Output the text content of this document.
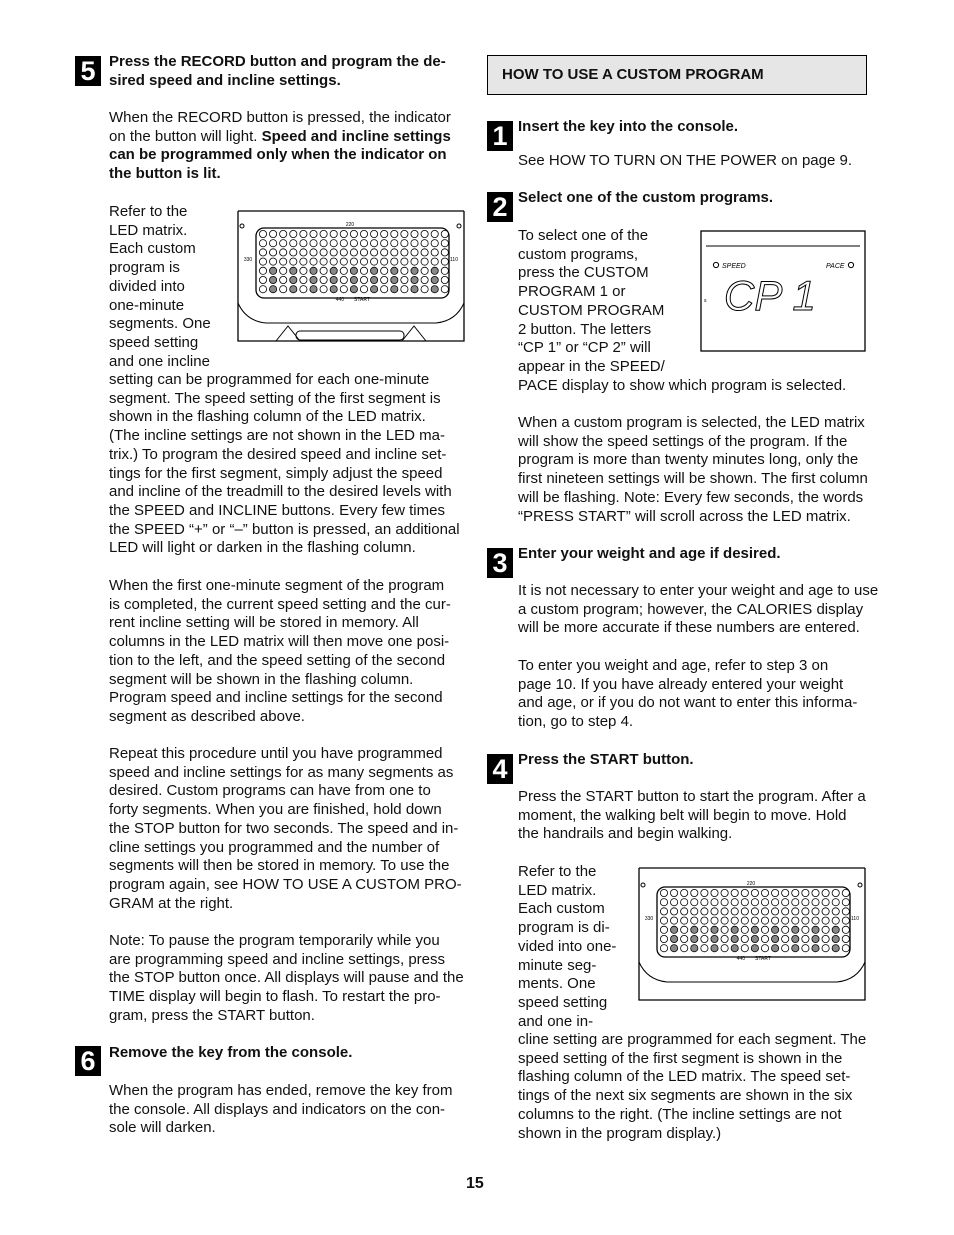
5 Press the RECORD button and program the de-
sired speed and incline settings.
When the RECORD button is pressed, the indicator
on the button will light. Speed and incline settings
can be programmed only when the indicator on
the button is lit.
Refer to the
LED matrix.
Each custom
program is
divided into
one-minute
segments. One
speed setting
and one incline
220
330	110
440 START
setting can be programmed for each one-minute
segment. The speed setting of the first segment is
shown in the flashing column of the LED matrix.
(The incline settings are not shown in the LED ma-
trix.) To program the desired speed and incline set-
tings for the first segment, simply adjust the speed
and incline of the treadmill to the desired levels with
the SPEED and INCLINE buttons. Every few times
the SPEED “+” or “–” button is pressed, an additional
LED will light or darken in the flashing column.
When the first one-minute segment of the program
is completed, the current speed setting and the cur-
rent incline setting will be stored in memory. All
columns in the LED matrix will then move one posi-
tion to the left, and the speed setting of the second
segment will be shown in the flashing column.
Program speed and incline settings for the second
segment as described above.
Repeat this procedure until you have programmed
speed and incline settings for as many segments as
desired. Custom programs can have from one to
forty segments. When you are finished, hold down
the STOP button for two seconds. The speed and in-
cline settings you programmed and the number of
segments will then be stored in memory. To use the
program again, see HOW TO USE A CUSTOM PRO-
GRAM at the right.
Note: To pause the program temporarily while you
are programming speed and incline settings, press
the STOP button once. All displays will pause and the
TIME display will begin to flash. To restart the pro-
gram, press the START button.
6 Remove the key from the console.
When the program has ended, remove the key from
the console. All displays and indicators on the con-
sole will darken.
HOW TO USE A CUSTOM PROGRAM
1 Insert the key into the console.
See HOW TO TURN ON THE POWER on page 9.
2 Select one of the custom programs.
To select one of the
custom programs,
press the CUSTOM
PROGRAM 1 or
CUSTOM PROGRAM
2 button. The letters
“CP 1” or “CP 2” will
appear in the SPEED/
PACE display to show which program is selected.
SPEED	PACE
s CP 1
When a custom program is selected, the LED matrix
will show the speed settings of the program. If the
program is more than twenty minutes long, only the
first nineteen settings will be shown. The first column
will be flashing. Note: Every few seconds, the words
“PRESS START” will scroll across the LED matrix.
3 Enter your weight and age if desired.
It is not necessary to enter your weight and age to use
a custom program; however, the CALORIES display
will be more accurate if these numbers are entered.
To enter you weight and age, refer to step 3 on
page 10. If you have already entered your weight
and age, or if you do not want to enter this informa-
tion, go to step 4.
4 Press the START button.
Press the START button to start the program. After a
moment, the walking belt will begin to move. Hold
the handrails and begin walking.
Refer to the
LED matrix.
Each custom
program is di-
vided into one-
minute seg-
ments. One
speed setting
and one in-
220
330	110
440 START
cline setting are programmed for each segment. The
speed setting of the first segment is shown in the
flashing column of the LED matrix. The speed set-
tings of the next six segments are shown in the six
columns to the right. (The incline settings are not
shown in the program display.)
15
